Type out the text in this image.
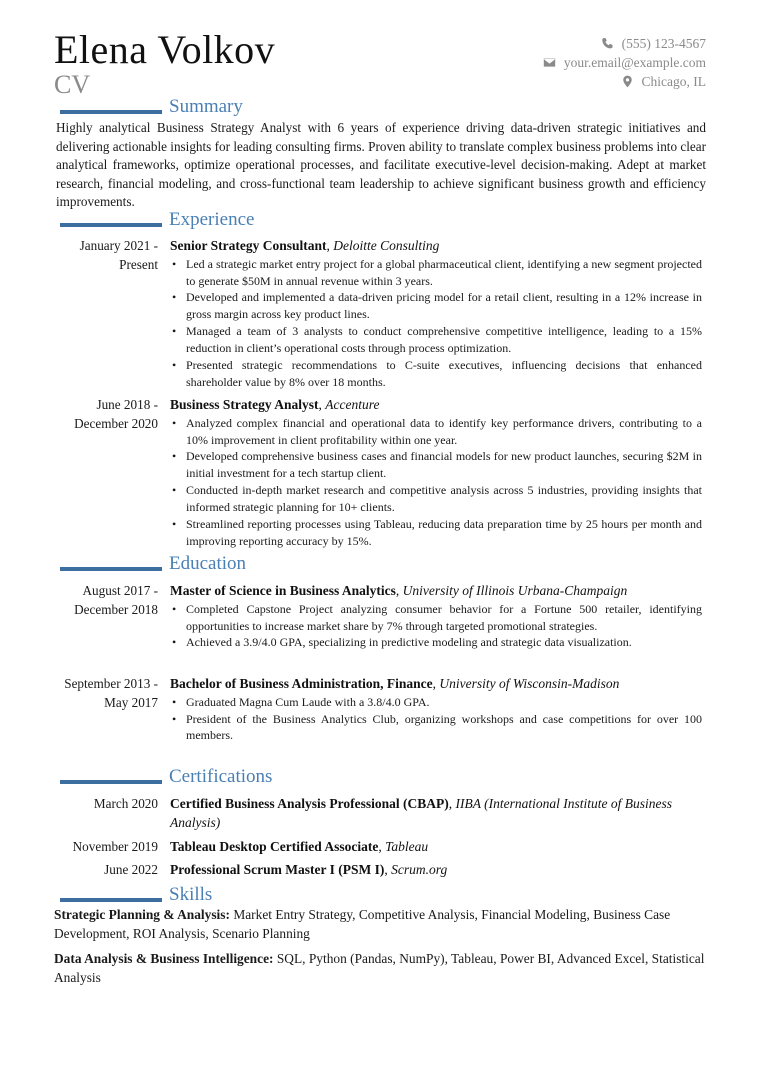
Elena Volkov
CV
(555) 123-4567
your.email@example.com
Chicago, IL
Summary
Highly analytical Business Strategy Analyst with 6 years of experience driving data-driven strategic initiatives and delivering actionable insights for leading consulting firms. Proven ability to translate complex business problems into clear analytical frameworks, optimize operational processes, and facilitate executive-level decision-making. Adept at market research, financial modeling, and cross-functional team leadership to achieve significant business growth and efficiency improvements.
Experience
January 2021 - Present
Senior Strategy Consultant, Deloitte Consulting
• Led a strategic market entry project for a global pharmaceutical client, identifying a new segment projected to generate $50M in annual revenue within 3 years.
• Developed and implemented a data-driven pricing model for a retail client, resulting in a 12% increase in gross margin across key product lines.
• Managed a team of 3 analysts to conduct comprehensive competitive intelligence, leading to a 15% reduction in client’s operational costs through process optimization.
• Presented strategic recommendations to C-suite executives, influencing decisions that enhanced shareholder value by 8% over 18 months.
June 2018 - December 2020
Business Strategy Analyst, Accenture
• Analyzed complex financial and operational data to identify key performance drivers, contributing to a 10% improvement in client profitability within one year.
• Developed comprehensive business cases and financial models for new product launches, securing $2M in initial investment for a tech startup client.
• Conducted in-depth market research and competitive analysis across 5 industries, providing insights that informed strategic planning for 10+ clients.
• Streamlined reporting processes using Tableau, reducing data preparation time by 25 hours per month and improving reporting accuracy by 15%.
Education
August 2017 - December 2018
Master of Science in Business Analytics, University of Illinois Urbana-Champaign
• Completed Capstone Project analyzing consumer behavior for a Fortune 500 retailer, identifying opportunities to increase market share by 7% through targeted promotional strategies.
• Achieved a 3.9/4.0 GPA, specializing in predictive modeling and strategic data visualization.
September 2013 - May 2017
Bachelor of Business Administration, Finance, University of Wisconsin-Madison
• Graduated Magna Cum Laude with a 3.8/4.0 GPA.
• President of the Business Analytics Club, organizing workshops and case competitions for over 100 members.
Certifications
March 2020 Certified Business Analysis Professional (CBAP), IIBA (International Institute of Business Analysis)
November 2019 Tableau Desktop Certified Associate, Tableau
June 2022 Professional Scrum Master I (PSM I), Scrum.org
Skills
Strategic Planning & Analysis: Market Entry Strategy, Competitive Analysis, Financial Modeling, Business Case Development, ROI Analysis, Scenario Planning
Data Analysis & Business Intelligence: SQL, Python (Pandas, NumPy), Tableau, Power BI, Advanced Excel, Statistical Analysis
